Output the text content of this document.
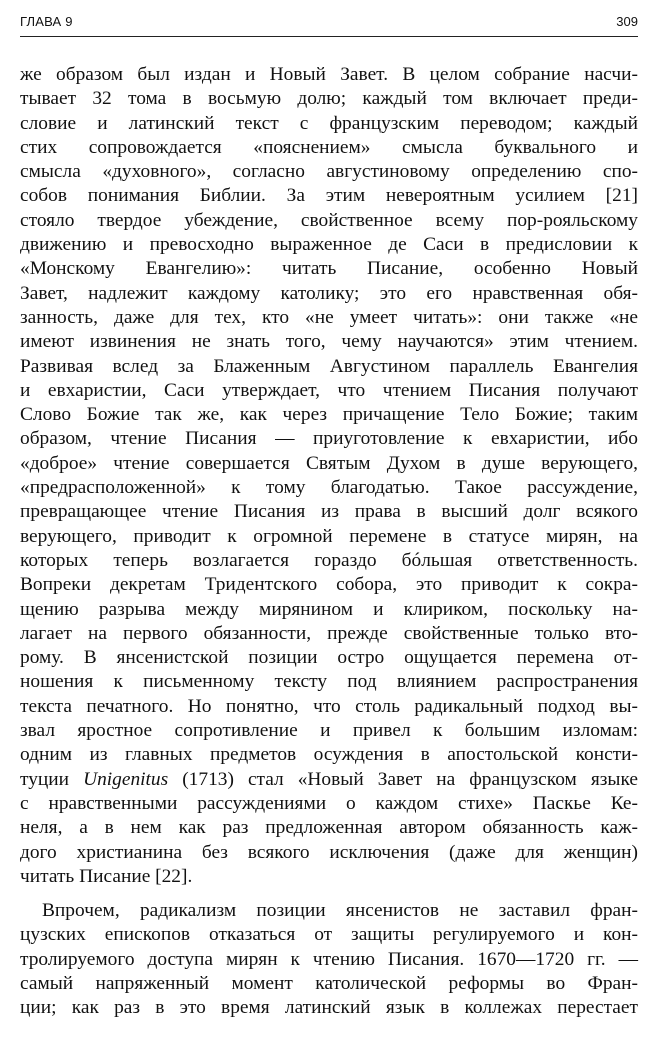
ГЛАВА 9	309
же образом был издан и Новый Завет. В целом собрание насчи-
тывает 32 тома в восьмую долю; каждый том включает преди-
словие и латинский текст с французским переводом; каждый
стих сопровождается «пояснением» смысла буквального и
смысла «духовного», согласно августиновому определению спо-
собов понимания Библии. За этим невероятным усилием [21]
стояло твердое убеждение, свойственное всему пор-рояльскому
движению и превосходно выраженное де Саси в предисловии к
«Монскому Евангелию»: читать Писание, особенно Новый
Завет, надлежит каждому католику; это его нравственная обя-
занность, даже для тех, кто «не умеет читать»: они также «не
имеют извинения не знать того, чему научаются» этим чтением.
Развивая вслед за Блаженным Августином параллель Евангелия
и евхаристии, Саси утверждает, что чтением Писания получают
Слово Божие так же, как через причащение Тело Божие; таким
образом, чтение Писания — приуготовление к евхаристии, ибо
«доброе» чтение совершается Святым Духом в душе верующего,
«предрасположенной» к тому благодатью. Такое рассуждение,
превращающее чтение Писания из права в высший долг всякого
верующего, приводит к огромной перемене в статусе мирян, на
которых теперь возлагается гораздо бóльшая ответственность.
Вопреки декретам Тридентского собора, это приводит к сокра-
щению разрыва между мирянином и клириком, поскольку на-
лагает на первого обязанности, прежде свойственные только вто-
рому. В янсенистской позиции остро ощущается перемена от-
ношения к письменному тексту под влиянием распространения
текста печатного. Но понятно, что столь радикальный подход вы-
звал яростное сопротивление и привел к большим изломам:
одним из главных предметов осуждения в апостольской консти-
туции Unigenitus (1713) стал «Новый Завет на французском языке
с нравственными рассуждениями о каждом стихе» Паскье Ке-
неля, а в нем как раз предложенная автором обязанность каж-
дого христианина без всякого исключения (даже для женщин)
читать Писание [22].
Впрочем, радикализм позиции янсенистов не заставил фран-
цузских епископов отказаться от защиты регулируемого и кон-
тролируемого доступа мирян к чтению Писания. 1670—1720 гг. —
самый напряженный момент католической реформы во Фран-
ции; как раз в это время латинский язык в коллежах перестает
